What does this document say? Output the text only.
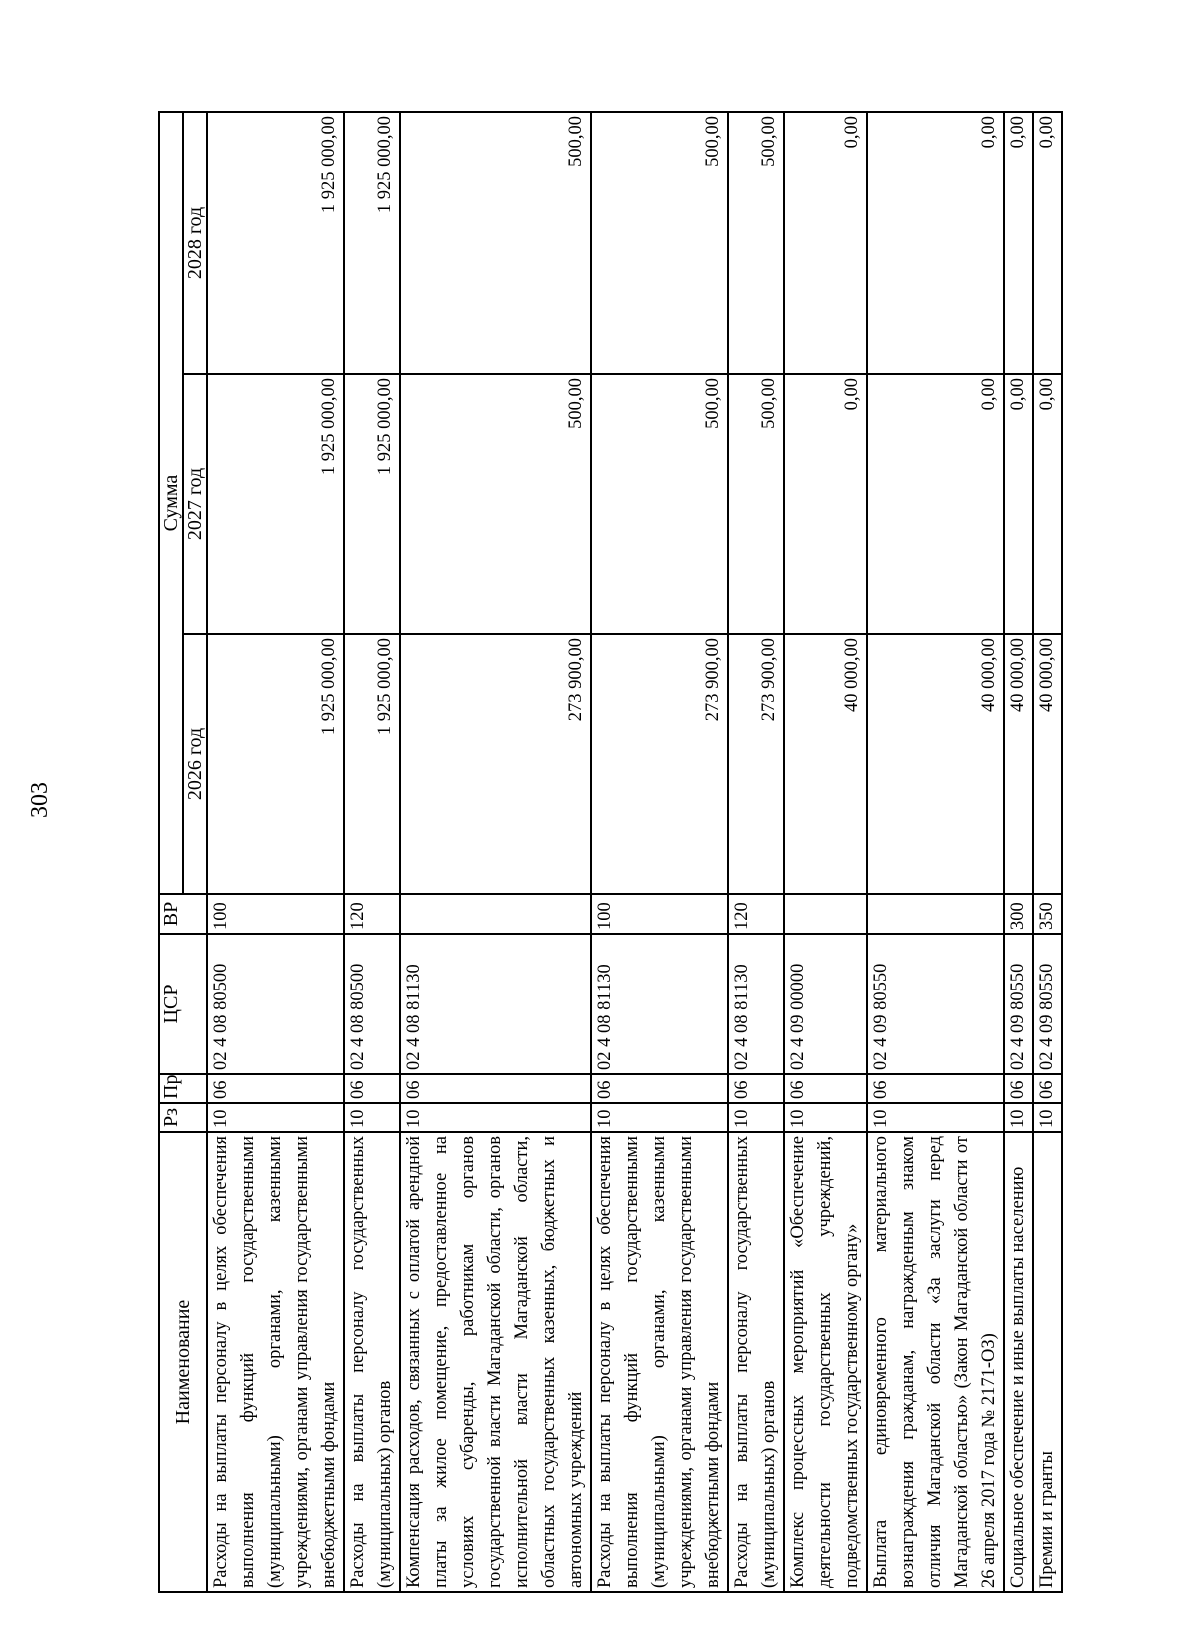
303
Наименование	Рз	Пр	ЦСР	ВР	Сумма		
					2026 год	2027 год	2028 год
Расходы на выплаты персоналу в целях обеспечения выполнения функций государственными (муниципальными) органами, казенными учреждениями, органами управления государственными внебюджетными фондами	10	06	02 4 08 80500	100	1 925 000,00	1 925 000,00	1 925 000,00
Расходы на выплаты персоналу государственных (муниципальных) органов	10	06	02 4 08 80500	120	1 925 000,00	1 925 000,00	1 925 000,00
Компенсация расходов, связанных с оплатой арендной платы за жилое помещение, предоставленное на условиях субаренды, работникам органов государственной власти Магаданской области, органов исполнительной власти Магаданской области, областных государственных казенных, бюджетных и автономных учреждений	10	06	02 4 08 81130		273 900,00	500,00	500,00
Расходы на выплаты персоналу в целях обеспечения выполнения функций государственными (муниципальными) органами, казенными учреждениями, органами управления государственными внебюджетными фондами	10	06	02 4 08 81130	100	273 900,00	500,00	500,00
Расходы на выплаты персоналу государственных (муниципальных) органов	10	06	02 4 08 81130	120	273 900,00	500,00	500,00
Комплекс процессных мероприятий «Обеспечение деятельности государственных учреждений, подведомственных государственному органу»	10	06	02 4 09 00000		40 000,00	0,00	0,00
Выплата единовременного материального вознаграждения гражданам, награжденным знаком отличия Магаданской области «За заслуги перед Магаданской областью» (Закон Магаданской области от 26 апреля 2017 года № 2171-ОЗ)	10	06	02 4 09 80550		40 000,00	0,00	0,00
Социальное обеспечение и иные выплаты населению	10	06	02 4 09 80550	300	40 000,00	0,00	0,00
Премии и гранты	10	06	02 4 09 80550	350	40 000,00	0,00	0,00
